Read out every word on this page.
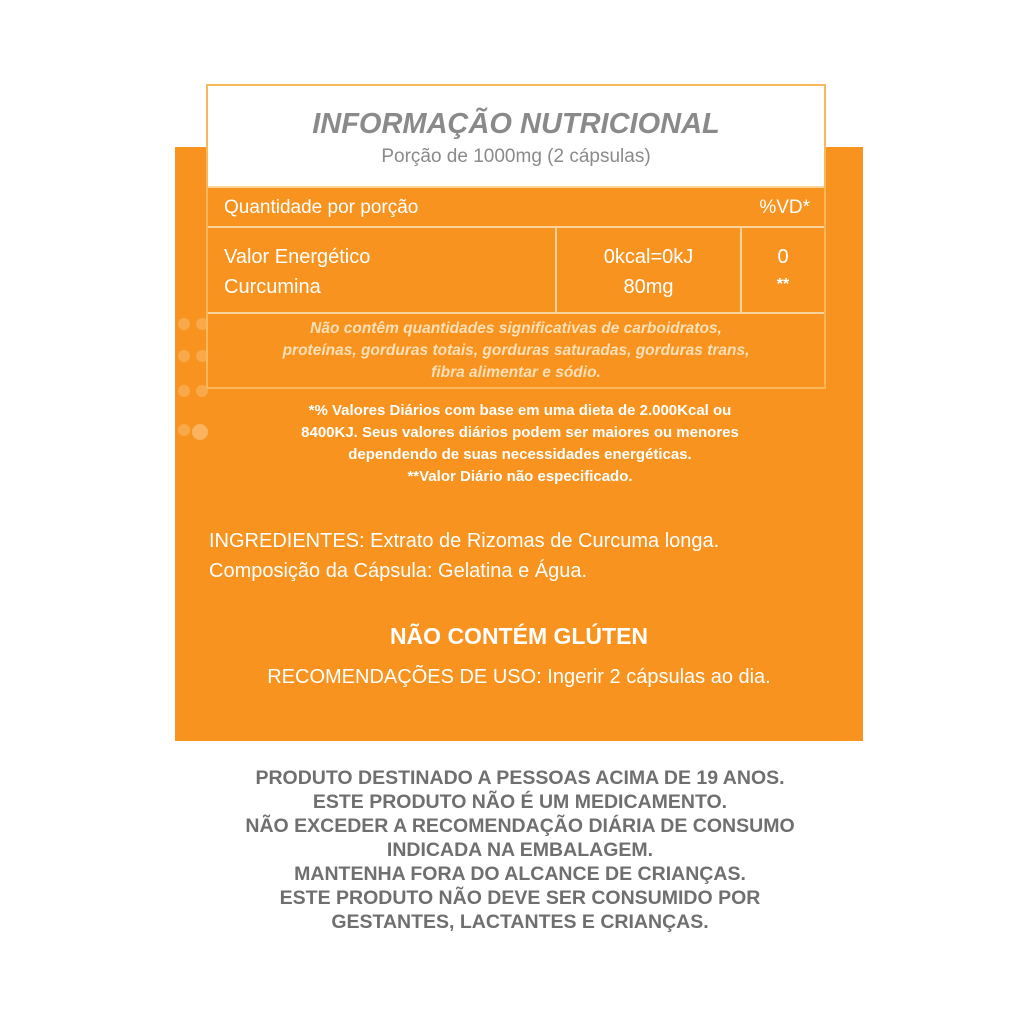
INFORMAÇÃO NUTRICIONAL
Porção de 1000mg (2 cápsulas)
Quantidade por porção	%VD*
Valor Energético
Curcumina
0kcal=0kJ
80mg
0
**
Não contêm quantidades significativas de carboidratos,
proteínas, gorduras totais, gorduras saturadas, gorduras trans,
fibra alimentar e sódio.
*% Valores Diários com base em uma dieta de 2.000Kcal ou
8400KJ. Seus valores diários podem ser maiores ou menores
dependendo de suas necessidades energéticas.
**Valor Diário não especificado.
INGREDIENTES: Extrato de Rizomas de Curcuma longa.
Composição da Cápsula: Gelatina e Água.
NÃO CONTÉM GLÚTEN
RECOMENDAÇÕES DE USO: Ingerir 2 cápsulas ao dia.
PRODUTO DESTINADO A PESSOAS ACIMA DE 19 ANOS.
ESTE PRODUTO NÃO É UM MEDICAMENTO.
NÃO EXCEDER A RECOMENDAÇÃO DIÁRIA DE CONSUMO
INDICADA NA EMBALAGEM.
MANTENHA FORA DO ALCANCE DE CRIANÇAS.
ESTE PRODUTO NÃO DEVE SER CONSUMIDO POR
GESTANTES, LACTANTES E CRIANÇAS.
